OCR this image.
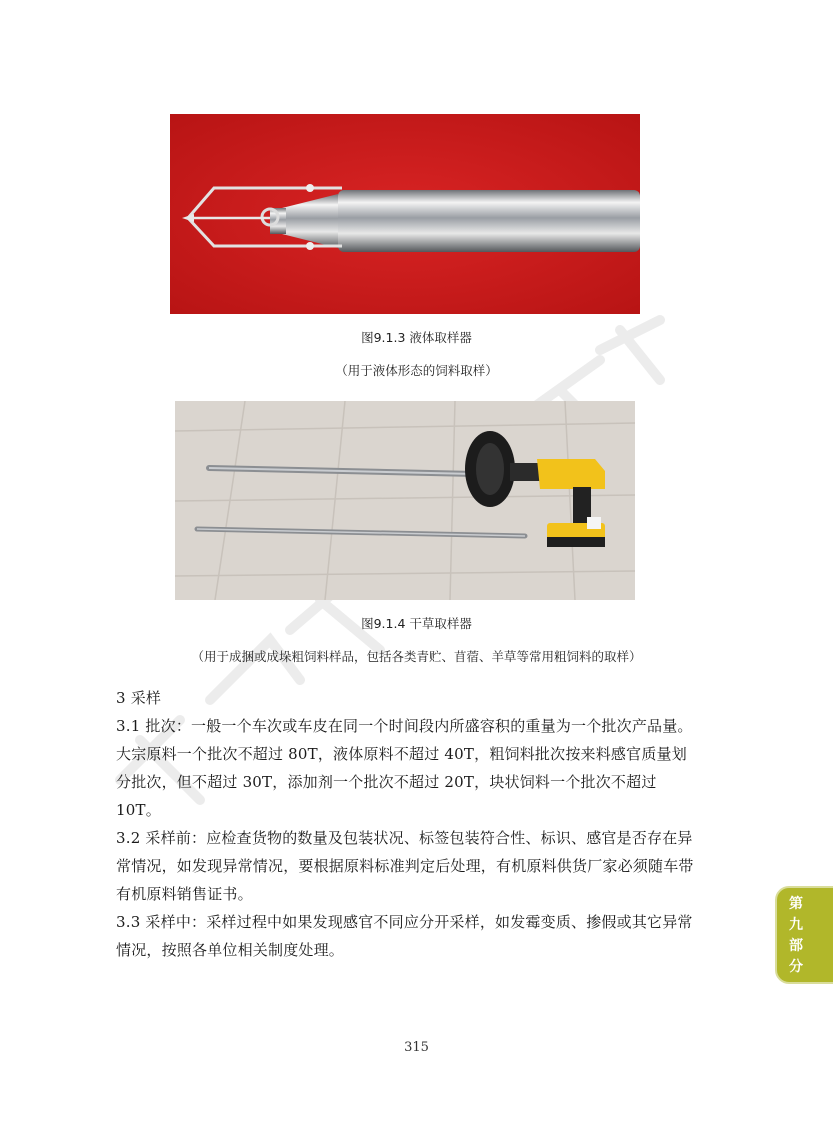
图9.1.3 液体取样器
（用于液体形态的饲料取样）
图9.1.4 干草取样器
（用于成捆或成垛粗饲料样品，包括各类青贮、苜蓿、羊草等常用粗饲料的取样）

3 采样

3.1 批次：一般一个车次或车皮在同一个时间段内所盛容积的重量为一个批次产品量。大宗原料一个批次不超过 80T，液体原料不超过 40T，粗饲料批次按来料感官质量划分批次，但不超过 30T，添加剂一个批次不超过 20T，块状饲料一个批次不超过 10T。

3.2 采样前：应检查货物的数量及包装状况、标签包装符合性、标识、感官是否存在异常情况，如发现异常情况，要根据原料标准判定后处理，有机原料供货厂家必须随车带有机原料销售证书。

3.3 采样中：采样过程中如果发现感官不同应分开采样，如发霉变质、掺假或其它异常情况，按照各单位相关制度处理。

第
九
部
分
315
